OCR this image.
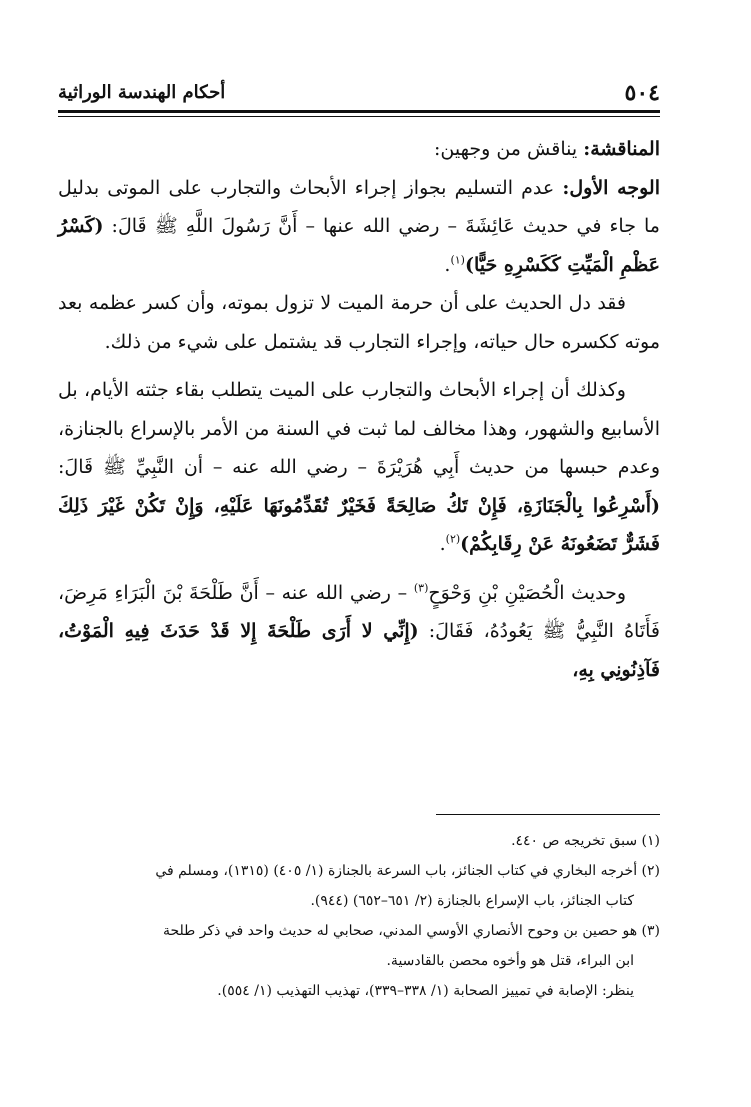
٥٠٤
أحكام الهندسة الوراثية

المناقشة: يناقش من وجهين:

الوجه الأول: عدم التسليم بجواز إجراء الأبحاث والتجارب على الموتى بدليل ما جاء في حديث عَائِشَةَ – رضي الله عنها – أَنَّ رَسُولَ اللَّهِ ﷺ قَالَ: (كَسْرُ عَظْمِ الْمَيِّتِ كَكَسْرِهِ حَيًّا)$^{(١)}$.

فقد دل الحديث على أن حرمة الميت لا تزول بموته، وأن كسر عظمه بعد موته ككسره حال حياته، وإجراء التجارب قد يشتمل على شيء من ذلك.

وكذلك أن إجراء الأبحاث والتجارب على الميت يتطلب بقاء جثته الأيام، بل الأسابيع والشهور، وهذا مخالف لما ثبت في السنة من الأمر بالإسراع بالجنازة، وعدم حبسها من حديث أَبِي هُرَيْرَةَ – رضي الله عنه – أن النَّبِيِّ ﷺ قَالَ: (أَسْرِعُوا بِالْجَنَازَةِ، فَإِنْ تَكُ صَالِحَةً فَخَيْرٌ تُقَدِّمُونَهَا عَلَيْهِ، وَإِنْ تَكُنْ غَيْرَ ذَلِكَ فَشَرٌّ تَضَعُونَهُ عَنْ رِقَابِكُمْ)$^{(٢)}$.

وحديث الْحُصَيْنِ بْنِ وَحْوَحٍ$^{(٣)}$ – رضي الله عنه – أَنَّ طَلْحَةَ بْنَ الْبَرَاءِ مَرِضَ، فَأَتَاهُ النَّبِيُّ ﷺ يَعُودُهُ، فَقَالَ: (إِنِّي لا أَرَى طَلْحَةَ إِلا قَدْ حَدَثَ فِيهِ الْمَوْتُ، فَآذِنُونِي بِهِ،

(١) سبق تخريجه ص ٤٤٠.

(٢) أخرجه البخاري في كتاب الجنائز، باب السرعة بالجنازة (١/ ٤٠٥) (١٣١٥)، ومسلم في

كتاب الجنائز، باب الإسراع بالجنازة (٢/ ٦٥١–٦٥٢) (٩٤٤).

(٣) هو حصين بن وحوح الأنصاري الأوسي المدني، صحابي له حديث واحد في ذكر طلحة

ابن البراء، قتل هو وأخوه محصن بالقادسية.

ينظر: الإصابة في تمييز الصحابة (١/ ٣٣٨–٣٣٩)، تهذيب التهذيب (١/ ٥٥٤).
